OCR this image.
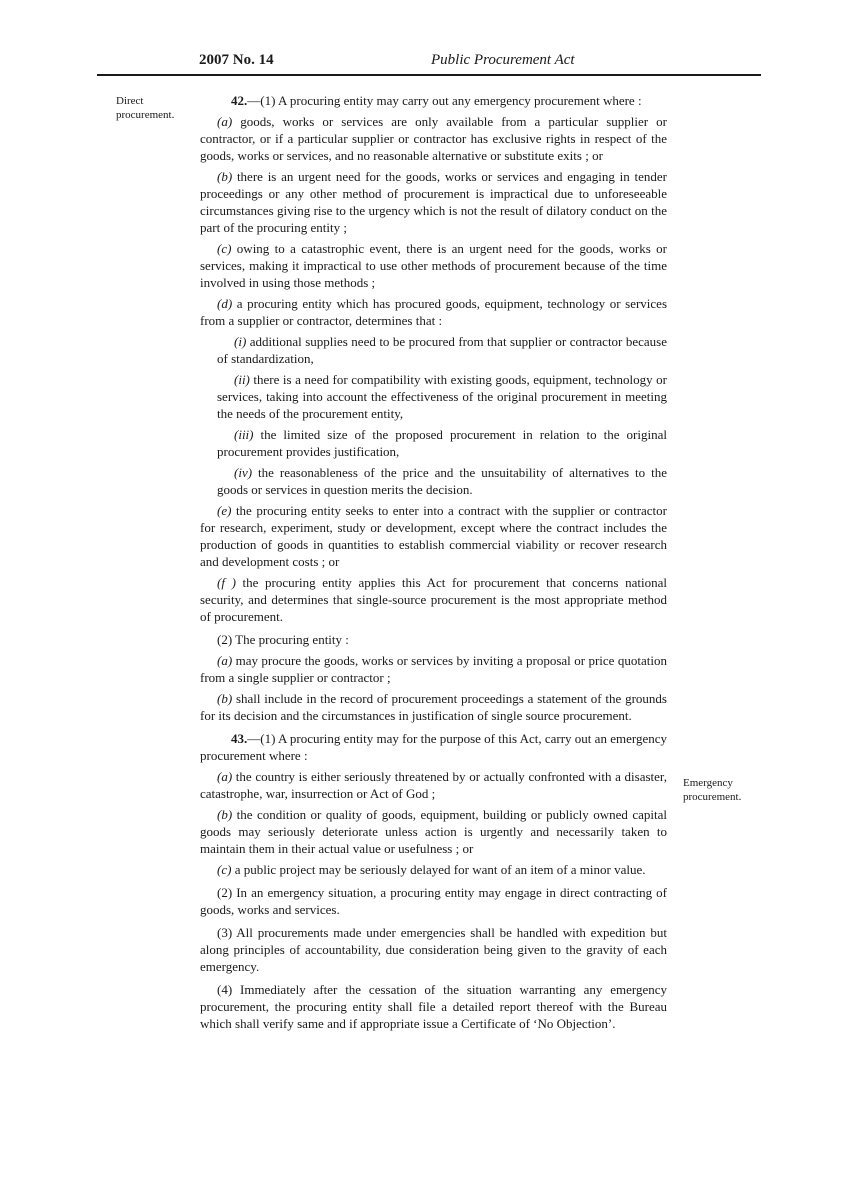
2007 No. 14	Public Procurement Act
Direct procurement.
Emergency procurement.

42.—(1) A procuring entity may carry out any emergency procurement where :

(a) goods, works or services are only available from a particular supplier or contractor, or if a particular supplier or contractor has exclusive rights in respect of the goods, works or services, and no reasonable alternative or substitute exits ; or

(b) there is an urgent need for the goods, works or services and engaging in tender proceedings or any other method of procurement is impractical due to unforeseeable circumstances giving rise to the urgency which is not the result of dilatory conduct on the part of the procuring entity ;

(c) owing to a catastrophic event, there is an urgent need for the goods, works or services, making it impractical to use other methods of procurement because of the time involved in using those methods ;

(d) a procuring entity which has procured goods, equipment, technology or services from a supplier or contractor, determines that :

(i) additional supplies need to be procured from that supplier or contractor because of standardization,

(ii) there is a need for compatibility with existing goods, equipment, technology or services, taking into account the effectiveness of the original procurement in meeting the needs of the procurement entity,

(iii) the limited size of the proposed procurement in relation to the original procurement provides justification,

(iv) the reasonableness of the price and the unsuitability of alternatives to the goods or services in question merits the decision.

(e) the procuring entity seeks to enter into a contract with the supplier or contractor for research, experiment, study or development, except where the contract includes the production of goods in quantities to establish commercial viability or recover research and development costs ; or

(f ) the procuring entity applies this Act for procurement that concerns national security, and determines that single-source procurement is the most appropriate method of procurement.

(2) The procuring entity :

(a) may procure the goods, works or services by inviting a proposal or price quotation from a single supplier or contractor ;

(b) shall include in the record of procurement proceedings a statement of the grounds for its decision and the circumstances in justification of single source procurement.

43.—(1) A procuring entity may for the purpose of this Act, carry out an emergency procurement where :

(a) the country is either seriously threatened by or actually confronted with a disaster, catastrophe, war, insurrection or Act of God ;

(b) the condition or quality of goods, equipment, building or publicly owned capital goods may seriously deteriorate unless action is urgently and necessarily taken to maintain them in their actual value or usefulness ; or

(c) a public project may be seriously delayed for want of an item of a minor value.

(2) In an emergency situation, a procuring entity may engage in direct contracting of goods, works and services.

(3) All procurements made under emergencies shall be handled with expedition but along principles of accountability, due consideration being given to the gravity of each emergency.

(4) Immediately after the cessation of the situation warranting any emergency procurement, the procuring entity shall file a detailed report thereof with the Bureau which shall verify same and if appropriate issue a Certificate of ‘No Objection’.
